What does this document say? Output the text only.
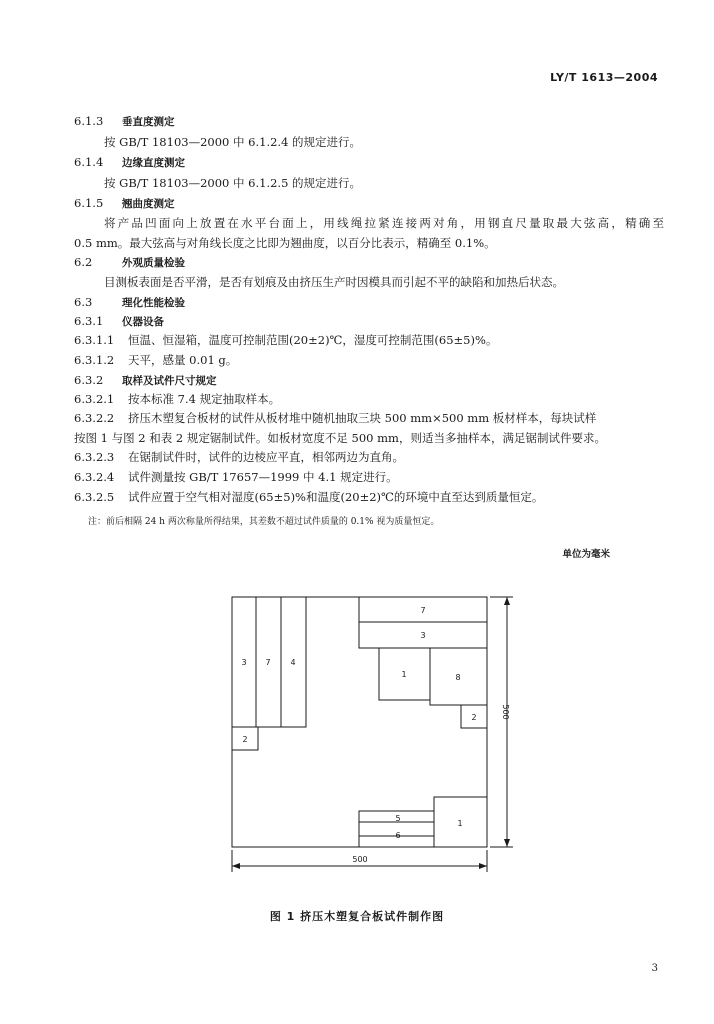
LY/T 1613—2004
6.1.3 垂直度测定
按 GB/T 18103—2000 中 6.1.2.4 的规定进行。
6.1.4 边缘直度测定
按 GB/T 18103—2000 中 6.1.2.5 的规定进行。
6.1.5 翘曲度测定
将产品凹面向上放置在水平台面上，用线绳拉紧连接两对角，用钢直尺量取最大弦高，精确至
0.5 mm。最大弦高与对角线长度之比即为翘曲度，以百分比表示，精确至 0.1%。
6.2	外观质量检验
目测板表面是否平滑，是否有划痕及由挤压生产时因模具而引起不平的缺陷和加热后状态。
6.3	理化性能检验
6.3.1 仪器设备
6.3.1.1 恒温、恒湿箱，温度可控制范围(20±2)℃，湿度可控制范围(65±5)%。
6.3.1.2 天平，感量 0.01 g。
6.3.2 取样及试件尺寸规定
6.3.2.1 按本标准 7.4 规定抽取样本。
6.3.2.2 挤压木塑复合板材的试件从板材堆中随机抽取三块 500 mm×500 mm 板材样本，每块试样
按图 1 与图 2 和表 2 规定锯制试件。如板材宽度不足 500 mm，则适当多抽样本，满足锯制试件要求。
6.3.2.3 在锯制试件时，试件的边棱应平直，相邻两边为直角。
6.3.2.4 试件测量按 GB/T 17657—1999 中 4.1 规定进行。
6.3.2.5 试件应置于空气相对湿度(65±5)%和温度(20±2)℃的环境中直至达到质量恒定。
注：前后相隔 24 h 两次称量所得结果，其差数不超过试件质量的 0.1% 视为质量恒定。
单位为毫米
7
3
3 7 4
2
1	8
2
5
6
1
500
500
图 1 挤压木塑复合板试件制作图
3
